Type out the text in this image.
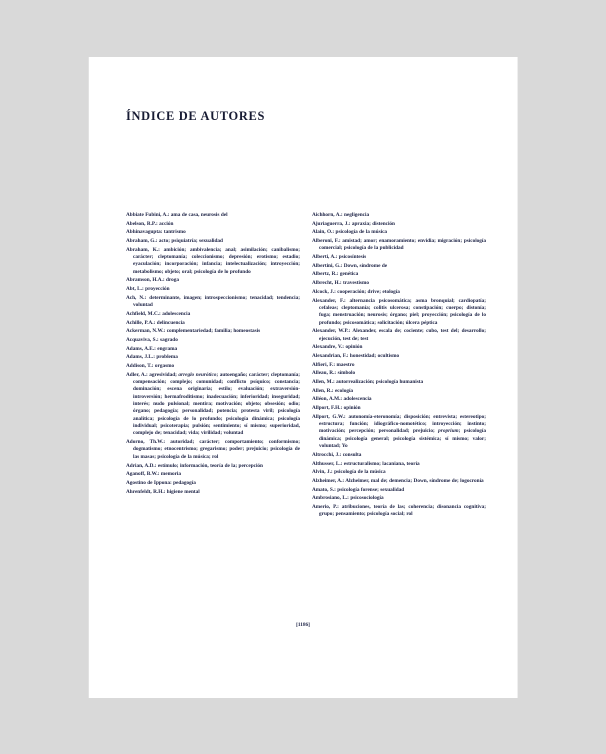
ÍNDICE DE AUTORES
Abbiate Fubini, A.: ama de casa, neurosis del
Abelson, R.P.: acción
Abhinavagupta: tantrismo
Abraham, G.: acto; psiquiatría; sexualidad
Abraham, K.: ambición; ambivalencia; anal; asimilación; canibalismo; carácter; cleptomanía; coleccionismo; depresión; erotismo; estadio; eyaculación; incorporación; infancia; intelectualización; introyección; metabolismo; objeto; oral; psicología de lo profundo
Abramson, H.A.: droga
Abt, L.: proyección
Ach, N.: determinante, imagen; introspeccionismo; tenacidad; tendencia; voluntad
Achfield, M.C.: adolescencia
Achille, P.A.: delincuencia
Ackerman, N.W.: complementariedad; familia; homeostasis
Acquaviva, S.: sagrado
Adams, A.E.: engrama
Adams, J.L.: problema
Addison, T.: orgasmo
Adler, A.: agresividad; arreglo neurótico; autoengaño; carácter; cleptomanía; compensación; complejo; comunidad; conflicto psíquico; constancia; dominación; escena originaria; estilo; evaluación; extraversión-introversión; hermafroditismo; inadecuación; inferioridad; inseguridad; interés; nudo pulsional; mentira; motivación; objeto; obsesión; odio; órgano; pedagogía; personalidad; potencia; protesta viril; psicología analítica; psicología de lo profundo; psicología dinámica; psicología individual; psicoterapia; pulsión; sentimiento; sí mismo; superioridad, complejo de; tenacidad; vida; virilidad; voluntad
Adorno, Th.W.: autoridad; carácter; comportamiento; conformismo; dogmatismo; etnocentrismo; gregarismo; poder; prejuicio; psicología de las masas; psicología de la música; rol
Adrian, A.D.: estímulo; información, teoría de la; percepción
Aganoff, B.W.: memoria
Agostino de Ippona: pedagogía
Ahrenfeldt, R.H.: higiene mental
Aichhorn, A.: negligencia
Ajuriaguerra, J.: apraxia; distención
Alain, O.: psicología de la música
Alberoni, F.: amistad; amor; enamoramiento; envidia; migración; psicología comercial; psicología de la publicidad
Alberti, A.: psicosíntesis
Albertini, G.: Down, síndrome de
Albertz, R.: genética
Albrecht, H.: travestismo
Alcock, J.: cooperación; drive; etología
Alexander, F.: alternancia psicosomática; asma bronquial; cardiopatía; cefaleas; cleptomanía; colitis ulcerosa; constipación; cuerpo; distonía; fuga; menstruación; neurosis; órgano; piel; proyección; psicología de lo profundo; psicosomática; solicitación; úlcera péptica
Alexander, W.P.: Alexander, escala de; cociente; cubo, test del; desarrollo; ejecución, test de; test
Alexandre, V.: opinión
Alexandrian, F.: honestidad; ocultismo
Alfieri, F.: maestro
Alleau, R.: símbolo
Allen, M.: autorrealización; psicología humanista
Allen, R.: ecología
Alléon, A.M.: adolescencia
Allport, F.H.: opinión
Allport, G.W.: autonomía-eteronomía; disposición; entrevista; estereotipo; estructura; función; idiográfico-nomotético; introyección; instinto; motivación; percepción; personalidad; prejuicio; proprium; psicología dinámica; psicología general; psicología sistémica; sí mismo; valor; voluntad; Yo
Altrocchi, J.: consulta
Althusser, L.: estructuralismo; lacaniana, teoría
Alvin, J.: psicología de la música
Alzheimer, A.: Alzheimer, mal de; demencia; Down, síndrome de; logocronía
Amato, S.: psicología forense; sexualidad
Ambrosiano, L.: psicosociología
Amerio, P.: atribuciones, teoría de las; coherencia; disonancia cognitiva; grupo; pensamiento; psicología social; rol
[1186]
